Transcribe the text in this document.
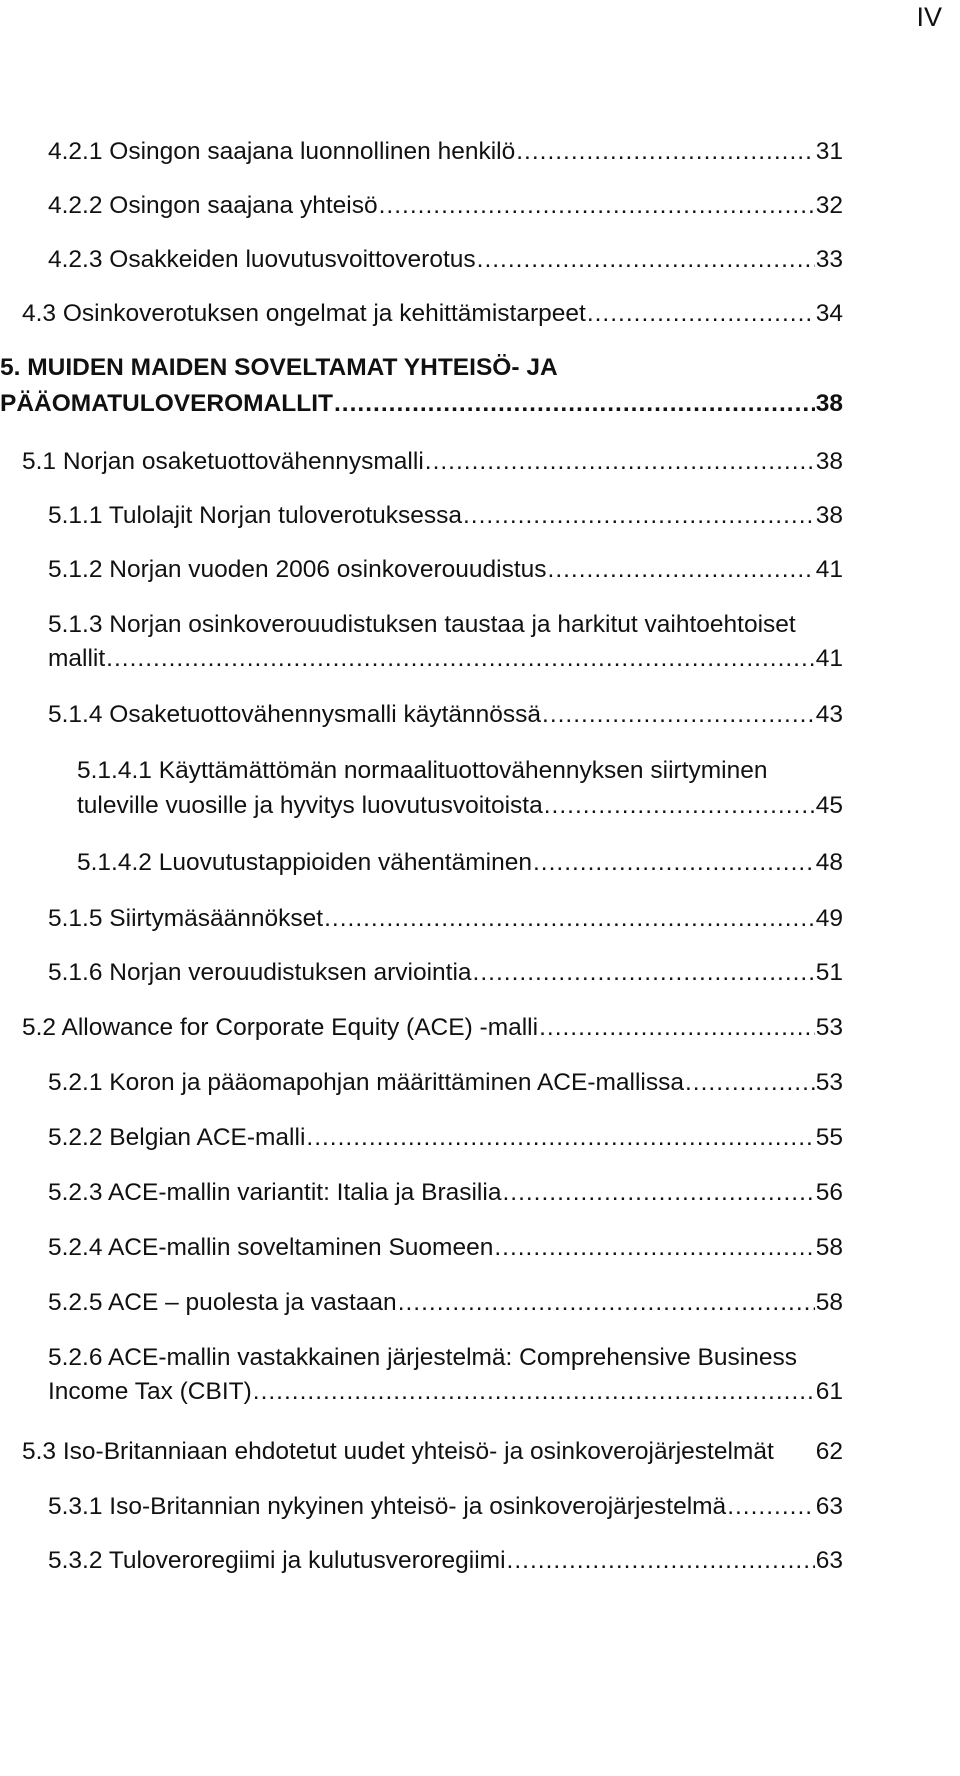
IV
4.2.1 Osingon saajana luonnollinen henkilö .....	31
4.2.2 Osingon saajana yhteisö .....	32
4.2.3 Osakkeiden luovutusvoittoverotus .....	33
4.3 Osinkoverotuksen ongelmat ja kehittämistarpeet .....	34
5. MUIDEN MAIDEN SOVELTAMAT YHTEISÖ- JA
PÄÄOMATULOVEROMALLIT .....	38
5.1 Norjan osaketuottovähennysmalli .....	38
5.1.1 Tulolajit Norjan tuloverotuksessa .....	38
5.1.2 Norjan vuoden 2006 osinkoverouudistus .....	41
5.1.3 Norjan osinkoverouudistuksen taustaa ja harkitut vaihtoehtoiset
mallit .....	41
5.1.4 Osaketuottovähennysmalli käytännössä .....	43
5.1.4.1 Käyttämättömän normaalituottovähennyksen siirtyminen
tuleville vuosille ja hyvitys luovutusvoitoista .....	45
5.1.4.2 Luovutustappioiden vähentäminen .....	48
5.1.5 Siirtymäsäännökset .....	49
5.1.6 Norjan verouudistuksen arviointia .....	51
5.2 Allowance for Corporate Equity (ACE) -malli .....	53
5.2.1 Koron ja pääomapohjan määrittäminen ACE-mallissa .....	53
5.2.2 Belgian ACE-malli .....	55
5.2.3 ACE-mallin variantit: Italia ja Brasilia .....	56
5.2.4 ACE-mallin soveltaminen Suomeen .....	58
5.2.5 ACE – puolesta ja vastaan .....	58
5.2.6 ACE-mallin vastakkainen järjestelmä: Comprehensive Business
Income Tax (CBIT) .....	61
5.3 Iso-Britanniaan ehdotetut uudet yhteisö- ja osinkoverojärjestelmät 62
5.3.1 Iso-Britannian nykyinen yhteisö- ja osinkoverojärjestelmä .....	63
5.3.2 Tuloveroregiimi ja kulutusveroregiimi .....	63
